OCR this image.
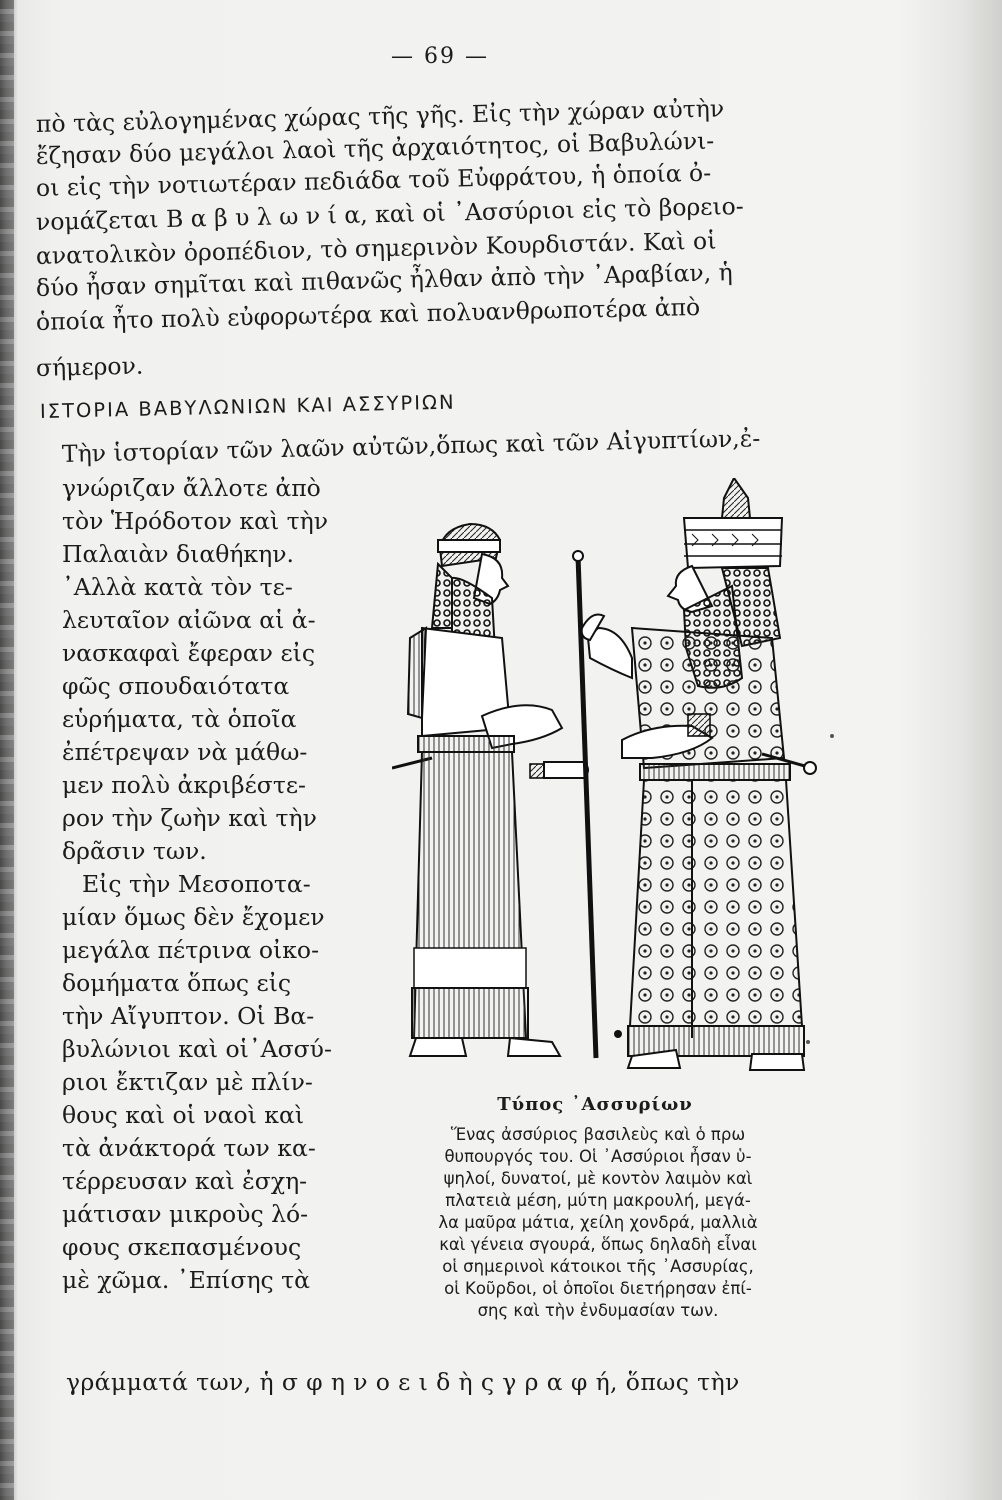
— 69 —
πὸ τὰς εὐλογημένας χώρας τῆς γῆς. Εἰς τὴν χώραν αὐτὴν
ἔζησαν δύο μεγάλοι λαοὶ τῆς ἀρχαιότητος, οἱ Βαβυλώνι-
οι εἰς τὴν νοτιωτέραν πεδιάδα τοῦ Εὐφράτου, ἡ ὁποία ὀ-
νομάζεται Β α β υ λ ω ν ί α, καὶ οἱ ᾿Ασσύριοι εἰς τὸ βορειο-
ανατολικὸν ὀροπέδιον, τὸ σημερινὸν Κουρδιστάν. Καὶ οἱ
δύο ἦσαν σημῖται καὶ πιθανῶς ἦλθαν ἀπὸ τὴν ᾿Αραβίαν, ἡ
ὁποία ἦτο πολὺ εὐφορωτέρα καὶ πολυανθρωποτέρα ἀπὸ
σήμερον.
ΙΣΤΟΡΙΑ ΒΑΒΥΛΩΝΙΩΝ ΚΑΙ ΑΣΣΥΡΙΩΝ
Τὴν ἱστορίαν τῶν λαῶν αὐτῶν,ὅπως καὶ τῶν Αἰγυπτίων,ἐ-
γνώριζαν ἄλλοτε ἀπὸ
τὸν Ἡρόδοτον καὶ τὴν
Παλαιὰν διαθήκην.
᾿Αλλὰ κατὰ τὸν τε-
λευταῖον αἰῶνα αἱ ἀ-
νασκαφαὶ ἔφεραν εἰς
φῶς σπουδαιότατα
εὑρήματα, τὰ ὁποῖα
ἐπέτρεψαν νὰ μάθω-
μεν πολὺ ἀκριβέστε-
ρον τὴν ζωὴν καὶ τὴν
δρᾶσιν των.
Εἰς τὴν Μεσοποτα-
μίαν ὅμως δὲν ἔχομεν
μεγάλα πέτρινα οἰκο-
δομήματα ὅπως εἰς
τὴν Αἴγυπτον. Οἱ Βα-
βυλώνιοι καὶ οἱ᾿Ασσύ-
ριοι ἔκτιζαν μὲ πλίν-
θους καὶ οἱ ναοὶ καὶ
τὰ ἀνάκτορά των κα-
τέρρευσαν καὶ ἐσχη-
μάτισαν μικροὺς λό-
φους σκεπασμένους
μὲ χῶμα. ᾿Επίσης τὰ
Τύπος ᾿Ασσυρίων
Ἕνας ἀσσύριος βασιλεὺς καὶ ὁ πρω
θυπουργός του. Οἱ ᾿Ασσύριοι ἦσαν ὑ-
ψηλοί, δυνατοί, μὲ κοντὸν λαιμὸν καὶ
πλατειὰ μέση, μύτη μακρουλή, μεγά-
λα μαῦρα μάτια, χείλη χονδρά, μαλλιὰ
καὶ γένεια σγουρά, ὅπως δηλαδὴ εἶναι
οἱ σημερινοὶ κάτοικοι τῆς ᾿Ασσυρίας,
οἱ Κοῦρδοι, οἱ ὁποῖοι διετήρησαν ἐπί-
σης καὶ τὴν ἐνδυμασίαν των.
γράμματά των, ἡ σ φ η ν ο ε ι δ ὴ ς γ ρ α φ ή, ὅπως τὴν
